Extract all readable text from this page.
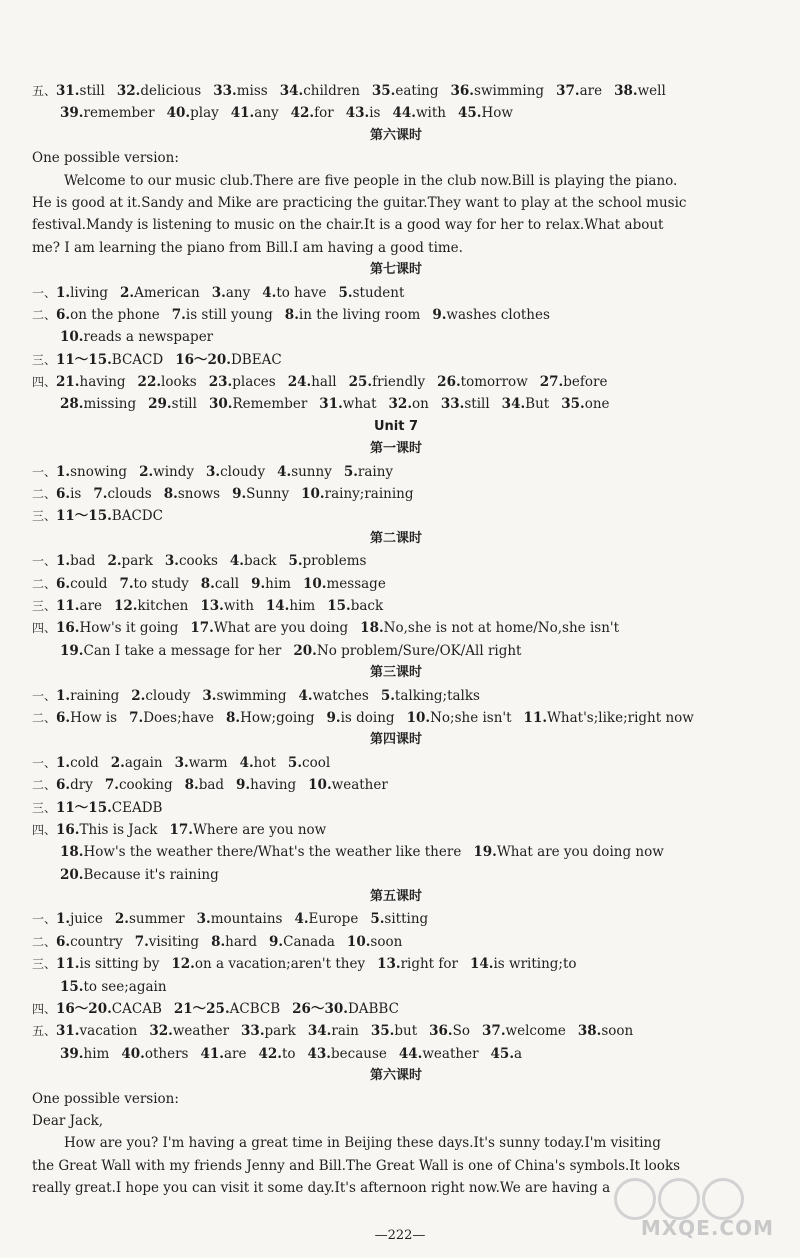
五、31.still 32.delicious 33.miss 34.children 35.eating 36.swimming 37.are 38.well
39.remember 40.play 41.any 42.for 43.is 44.with 45.How
第六课时
One possible version:
Welcome to our music club.There are five people in the club now.Bill is playing the piano.
He is good at it.Sandy and Mike are practicing the guitar.They want to play at the school music
festival.Mandy is listening to music on the chair.It is a good way for her to relax.What about
me? I am learning the piano from Bill.I am having a good time.
第七课时
一、1.living 2.American 3.any 4.to have 5.student
二、6.on the phone 7.is still young 8.in the living room 9.washes clothes
10.reads a newspaper
三、11～15.BCACD 16～20.DBEAC
四、21.having 22.looks 23.places 24.hall 25.friendly 26.tomorrow 27.before
28.missing 29.still 30.Remember 31.what 32.on 33.still 34.But 35.one
Unit 7
第一课时
一、1.snowing 2.windy 3.cloudy 4.sunny 5.rainy
二、6.is 7.clouds 8.snows 9.Sunny 10.rainy;raining
三、11～15.BACDC
第二课时
一、1.bad 2.park 3.cooks 4.back 5.problems
二、6.could 7.to study 8.call 9.him 10.message
三、11.are 12.kitchen 13.with 14.him 15.back
四、16.How's it going 17.What are you doing 18.No,she is not at home/No,she isn't
19.Can I take a message for her 20.No problem/Sure/OK/All right
第三课时
一、1.raining 2.cloudy 3.swimming 4.watches 5.talking;talks
二、6.How is 7.Does;have 8.How;going 9.is doing 10.No;she isn't 11.What's;like;right now
第四课时
一、1.cold 2.again 3.warm 4.hot 5.cool
二、6.dry 7.cooking 8.bad 9.having 10.weather
三、11～15.CEADB
四、16.This is Jack 17.Where are you now
18.How's the weather there/What's the weather like there 19.What are you doing now
20.Because it's raining
第五课时
一、1.juice 2.summer 3.mountains 4.Europe 5.sitting
二、6.country 7.visiting 8.hard 9.Canada 10.soon
三、11.is sitting by 12.on a vacation;aren't they 13.right for 14.is writing;to
15.to see;again
四、16～20.CACAB 21～25.ACBCB 26～30.DABBC
五、31.vacation 32.weather 33.park 34.rain 35.but 36.So 37.welcome 38.soon
39.him 40.others 41.are 42.to 43.because 44.weather 45.a
第六课时
One possible version:
Dear Jack,
How are you? I'm having a great time in Beijing these days.It's sunny today.I'm visiting
the Great Wall with my friends Jenny and Bill.The Great Wall is one of China's symbols.It looks
really great.I hope you can visit it some day.It's afternoon right now.We are having a
—222—	MXQE.COM
